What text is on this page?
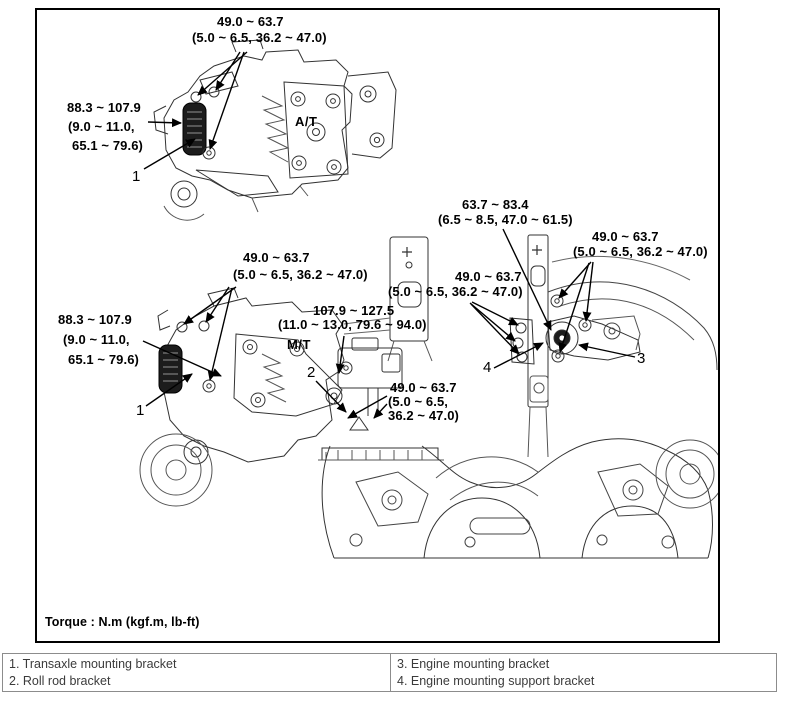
49.0 ~ 63.7
(5.0 ~ 6.5, 36.2 ~ 47.0)
88.3 ~ 107.9
(9.0 ~ 11.0,
65.1 ~ 79.6)
A/T
1
63.7 ~ 83.4
(6.5 ~ 8.5, 47.0 ~ 61.5)
49.0 ~ 63.7
(5.0 ~ 6.5, 36.2 ~ 47.0)
49.0 ~ 63.7
(5.0 ~ 6.5, 36.2 ~ 47.0)
49.0 ~ 63.7
(5.0 ~ 6.5, 36.2 ~ 47.0)
107.9 ~ 127.5
(11.0 ~ 13.0, 79.6 ~ 94.0)
M/T
88.3 ~ 107.9
(9.0 ~ 11.0,
65.1 ~ 79.6)
1
2
49.0 ~ 63.7
(5.0 ~ 6.5,
36.2 ~ 47.0)
4
3
Torque : N.m (kgf.m, lb-ft)
1. Transaxle mounting bracket
2. Roll rod bracket
3. Engine mounting bracket
4. Engine mounting support bracket
